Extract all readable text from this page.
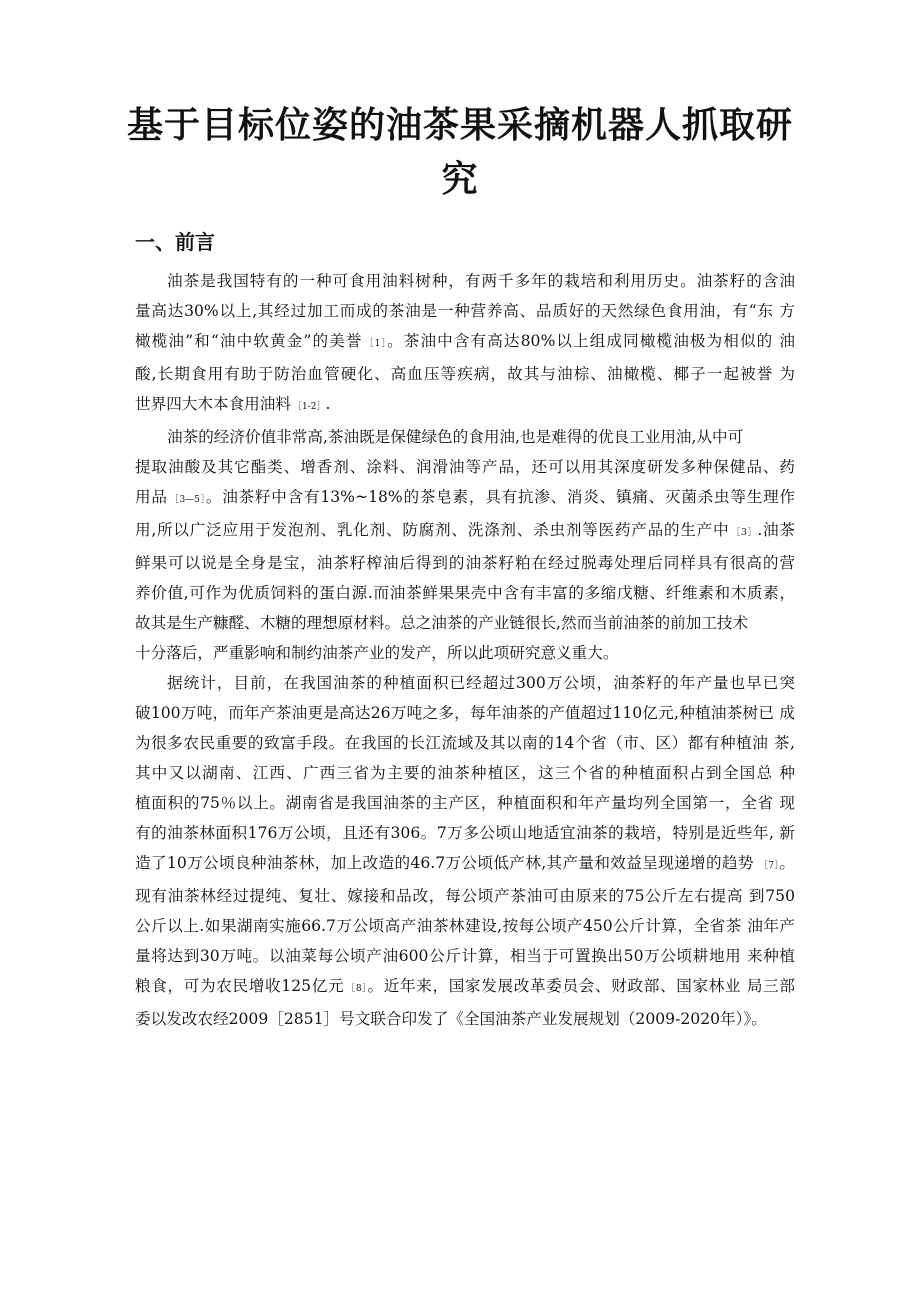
基于目标位姿的油茶果采摘机器人抓取研
究
一、前言
油茶是我国特有的一种可食用油料树种，有两千多年的栽培和利用历史。油茶籽的含油
量高达30%以上,其经过加工而成的茶油是一种营养高、品质好的天然绿色食用油，有“东 方
橄榄油”和“油中软黄金”的美誉 ［1］。茶油中含有高达80%以上组成同橄榄油极为相似的 油
酸,长期食用有助于防治血管硬化、高血压等疾病，故其与油棕、油橄榄、椰子一起被誉 为
世界四大木本食用油料 ［1-2］.
油茶的经济价值非常高,茶油既是保健绿色的食用油,也是难得的优良工业用油,从中可
提取油酸及其它酯类、增香剂、涂料、润滑油等产品，还可以用其深度研发多种保健品、药
用品 ［3—5］。油茶籽中含有13%~18%的茶皂素，具有抗渗、消炎、镇痛、灭菌杀虫等生理作
用,所以广泛应用于发泡剂、乳化剂、防腐剂、洗涤剂、杀虫剂等医药产品的生产中 ［3］.油茶
鲜果可以说是全身是宝，油茶籽榨油后得到的油茶籽粕在经过脱毒处理后同样具有很高的营
养价值,可作为优质饲料的蛋白源.而油茶鲜果果壳中含有丰富的多缩戊糖、纤维素和木质素，
故其是生产糠醛、木糖的理想原材料。总之油茶的产业链很长,然而当前油茶的前加工技术
十分落后，严重影响和制约油茶产业的发产，所以此项研究意义重大。
据统计，目前，在我国油茶的种植面积已经超过300万公顷，油茶籽的年产量也早已突
破100万吨，而年产茶油更是高达26万吨之多，每年油茶的产值超过110亿元,种植油茶树已 成
为很多农民重要的致富手段。在我国的长江流域及其以南的14个省（市、区）都有种植油 茶,
其中又以湖南、江西、广西三省为主要的油茶种植区，这三个省的种植面积占到全国总 种
植面积的75％以上。湖南省是我国油茶的主产区，种植面积和年产量均列全国第一，全省 现
有的油茶林面积176万公顷，且还有306。7万多公顷山地适宜油茶的栽培，特别是近些年, 新
造了10万公顷良种油茶林，加上改造的46.7万公顷低产林,其产量和效益呈现递增的趋势 ［7］。
现有油茶林经过提纯、复壮、嫁接和品改，每公顷产茶油可由原来的75公斤左右提高 到750
公斤以上.如果湖南实施66.7万公顷高产油茶林建设,按每公顷产450公斤计算，全省茶 油年产
量将达到30万吨。以油菜每公顷产油600公斤计算，相当于可置换出50万公顷耕地用 来种植
粮食，可为农民增收125亿元 ［8］。近年来，国家发展改革委员会、财政部、国家林业 局三部
委以发改农经2009［2851］号文联合印发了《全国油茶产业发展规划（2009-2020年）》。
